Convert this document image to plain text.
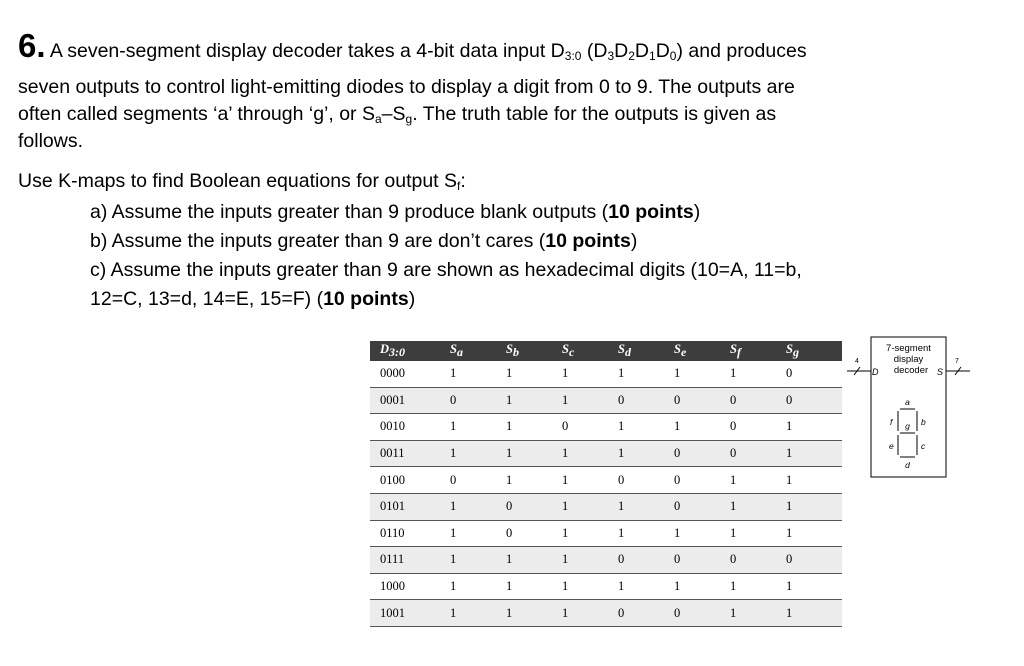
6. A seven-segment display decoder takes a 4-bit data input $D_{3:0}$ $(D_3D_2D_1D_0)$ and produces
seven outputs to control light-emitting diodes to display a digit from 0 to 9. The outputs are
often called segments ‘a’ through ‘g’, or $S_a-S_g$. The truth table for the outputs is given as
follows.
Use K-maps to find Boolean equations for output $S_f$:
a) Assume the inputs greater than 9 produce blank outputs (10 points)
b) Assume the inputs greater than 9 are don’t cares (10 points)
c) Assume the inputs greater than 9 are shown as hexadecimal digits (10=A, 11=b,
12=C, 13=d, 14=E, 15=F) (10 points)
$D_{3:0}$	$S_a$	$S_b$	$S_c$	$S_d$	$S_e$	$S_f$	$S_g$
0000	1	1	1	1	1	1	0
0001	0	1	1	0	0	0	0
0010	1	1	0	1	1	0	1
0011	1	1	1	1	0	0	1
0100	0	1	1	0	0	1	1
0101	1	0	1	1	0	1	1
0110	1	0	1	1	1	1	1
0111	1	1	1	0	0	0	0
1000	1	1	1	1	1	1	1
1001	1	1	1	0	0	1	1
7-segment
display
decoder
4
D
7
S
a
b
c
d
e
f g
